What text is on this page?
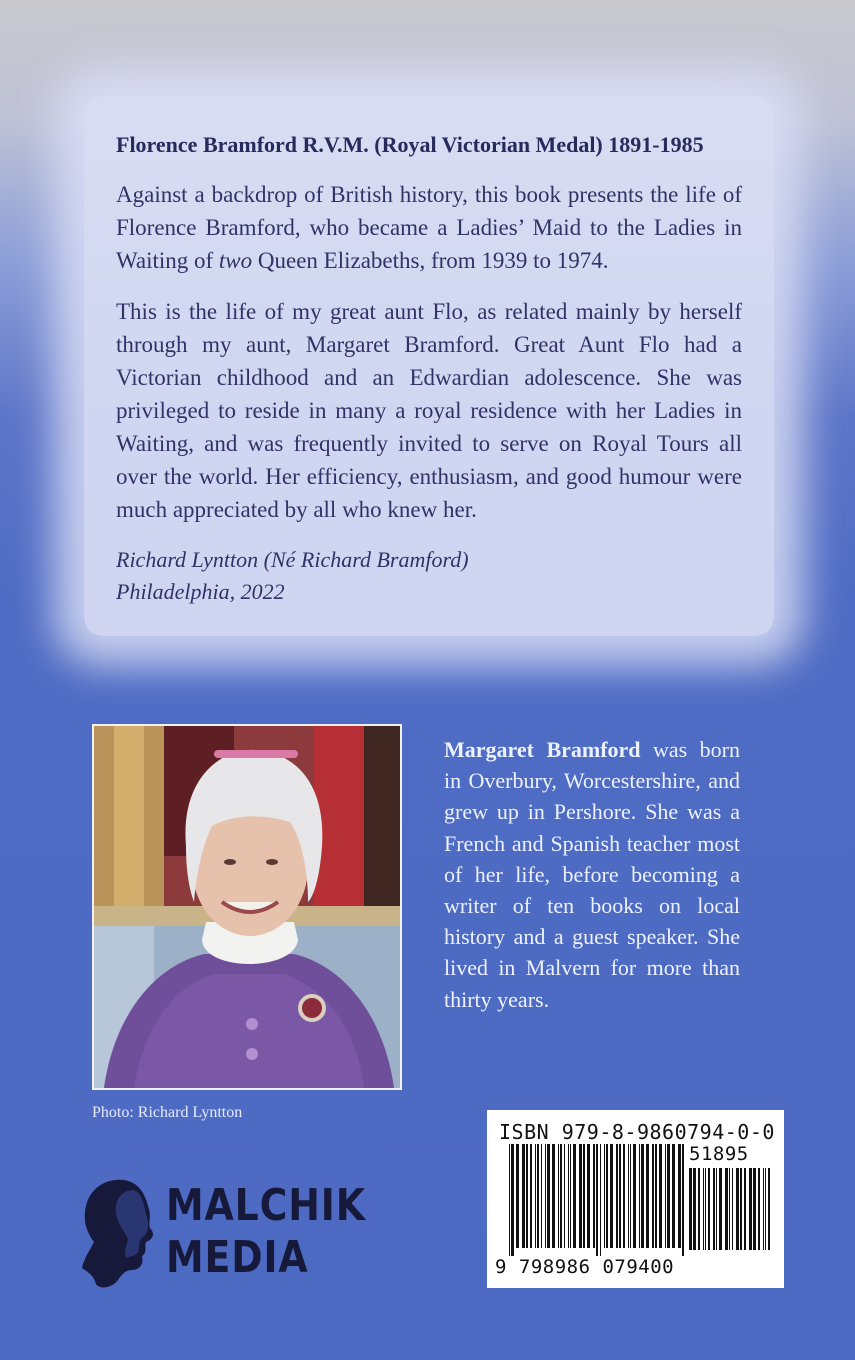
Florence Bramford R.V.M. (Royal Victorian Medal) 1891-1985

Against a backdrop of British history, this book presents the life of Florence Bramford, who became a Ladies’ Maid to the Ladies in Waiting of two Queen Elizabeths, from 1939 to 1974.

This is the life of my great aunt Flo, as related mainly by herself through my aunt, Margaret Bramford. Great Aunt Flo had a Victorian childhood and an Edwardian adolescence. She was privileged to reside in many a royal residence with her Ladies in Waiting, and was frequently invited to serve on Royal Tours all over the world. Her efficiency, enthusiasm, and good humour were much appreciated by all who knew her.

Richard Lyntton (Né Richard Bramford)
Philadelphia, 2022
Photo: Richard Lyntton
Margaret Bramford was born in Overbury, Worcestershire, and grew up in Pershore. She was a French and Spanish teacher most of her life, before becoming a writer of ten books on local history and a guest speaker. She lived in Malvern for more than thirty years.
MALCHIK
MEDIA
ISBN 979-8-9860794-0-0
51895
9 798986 079400
